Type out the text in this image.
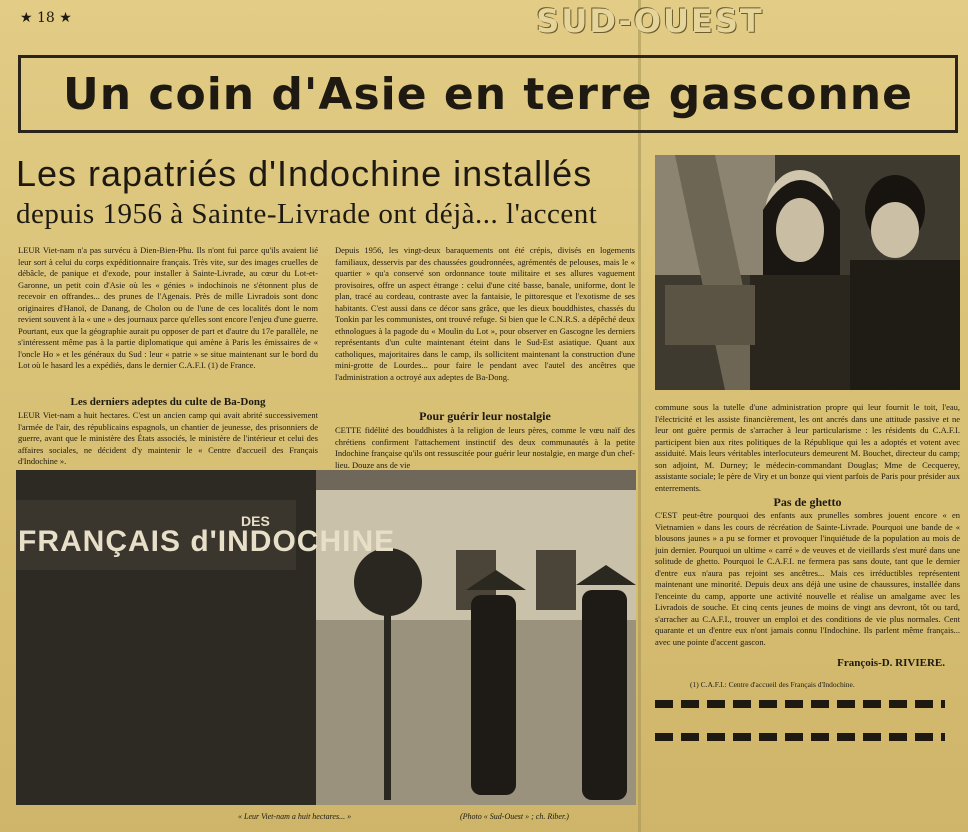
★ 18 ★	SUD-OUEST
Un coin d'Asie en terre gasconne
Les rapatriés d'Indochine installés
depuis 1956 à Sainte-Livrade ont déjà... l'accent

LEUR Viet-nam n'a pas survécu à Dien-Bien-Phu. Ils n'ont fui parce qu'ils avaient lié leur sort à celui du corps expéditionnaire français. Très vite, sur des images cruelles de débâcle, de panique et d'exode, pour installer à Sainte-Livrade, au cœur du Lot-et-Garonne, un petit coin d'Asie où les « génies » indochinois ne s'étonnent plus de recevoir en offrandes... des prunes de l'Agenais. Près de mille Livradois sont donc originaires d'Hanoï, de Danang, de Cholon ou de l'une de ces localités dont le nom revient souvent à la « une » des journaux parce qu'elles sont encore l'enjeu d'une guerre. Pourtant, eux que la géographie aurait pu opposer de part et d'autre du 17e parallèle, ne s'intéressent même pas à la partie diplomatique qui amène à Paris les émissaires de « l'oncle Ho » et les généraux du Sud : leur « patrie » se situe maintenant sur le bord du Lot où le hasard les a expédiés, dans le dernier C.A.F.I. (1) de France.

Les derniers adeptes du culte de Ba-Dong

LEUR Viet-nam a huit hectares. C'est un ancien camp qui avait abrité successivement l'armée de l'air, des républicains espagnols, un chantier de jeunesse, des prisonniers de guerre, avant que le ministère des États associés, le ministère de l'intérieur et celui des affaires sociales, ne décident d'y maintenir le « Centre d'accueil des Français d'Indochine ».

Depuis 1956, les vingt-deux baraquements ont été crépis, divisés en logements familiaux, desservis par des chaussées goudronnées, agrémentés de pelouses, mais le « quartier » qu'a conservé son ordonnance toute militaire et ses allures vaguement provisoires, offre un aspect étrange : celui d'une cité basse, banale, uniforme, dont le plan, tracé au cordeau, contraste avec la fantaisie, le pittoresque et l'exotisme de ses habitants. C'est aussi dans ce décor sans grâce, que les dieux bouddhistes, chassés du Tonkin par les communistes, ont trouvé refuge. Si bien que le C.N.R.S. a dépêché deux ethnologues à la pagode du « Moulin du Lot », pour observer en Gascogne les derniers représentants d'un culte maintenant éteint dans le Sud-Est asiatique. Quant aux catholiques, majoritaires dans le camp, ils sollicitent maintenant la construction d'une mini-grotte de Lourdes... pour faire le pendant avec l'autel des ancêtres que l'administration a octroyé aux adeptes de Ba-Dong.

Pour guérir leur nostalgie

CETTE fidélité des bouddhistes à la religion de leurs pères, comme le vœu naïf des chrétiens confirment l'attachement instinctif des deux communautés à la petite Indochine française qu'ils ont ressuscitée pour guérir leur nostalgie, en marge d'un chef-lieu. Douze ans de vie

commune sous la tutelle d'une administration propre qui leur fournit le toit, l'eau, l'électricité et les assiste financièrement, les ont ancrés dans une attitude passive et ne leur ont guère permis de s'arracher à leur particularisme : les résidents du C.A.F.I. participent bien aux rites politiques de la République qui les a adoptés et votent avec assiduité. Mais leurs véritables interlocuteurs demeurent M. Bouchet, directeur du camp; son adjoint, M. Durney; le médecin-commandant Douglas; Mme de Cecquerey, assistante sociale; le père de Viry et un bonze qui vient parfois de Paris pour présider aux enterrements.

Pas de ghetto

C'EST peut-être pourquoi des enfants aux prunelles sombres jouent encore « en Vietnamien » dans les cours de récréation de Sainte-Livrade. Pourquoi une bande de « blousons jaunes » a pu se former et provoquer l'inquiétude de la population au mois de juin dernier. Pourquoi un ultime « carré » de veuves et de vieillards s'est muré dans une solitude de ghetto. Pourquoi le C.A.F.I. ne fermera pas sans doute, tant que le dernier d'entre eux n'aura pas rejoint ses ancêtres... Mais ces irréductibles représentent maintenant une minorité. Depuis deux ans déjà une usine de chaussures, installée dans l'enceinte du camp, apporte une activité nouvelle et réalise un amalgame avec les Livradois de souche. Et cinq cents jeunes de moins de vingt ans devront, tôt ou tard, s'arracher au C.A.F.I., trouver un emploi et des conditions de vie plus normales. Cent quarante et un d'entre eux n'ont jamais connu l'Indochine. Ils parlent même français... avec une pointe d'accent gascon.

François-D. RIVIERE.
(1) C.A.F.I.: Centre d'accueil des Français d'Indochine.
FRANÇAIS d'INDOCHINE
DES
« Leur Viet-nam a huit hectares... »	(Photo « Sud-Ouest » ; ch. Riber.)
